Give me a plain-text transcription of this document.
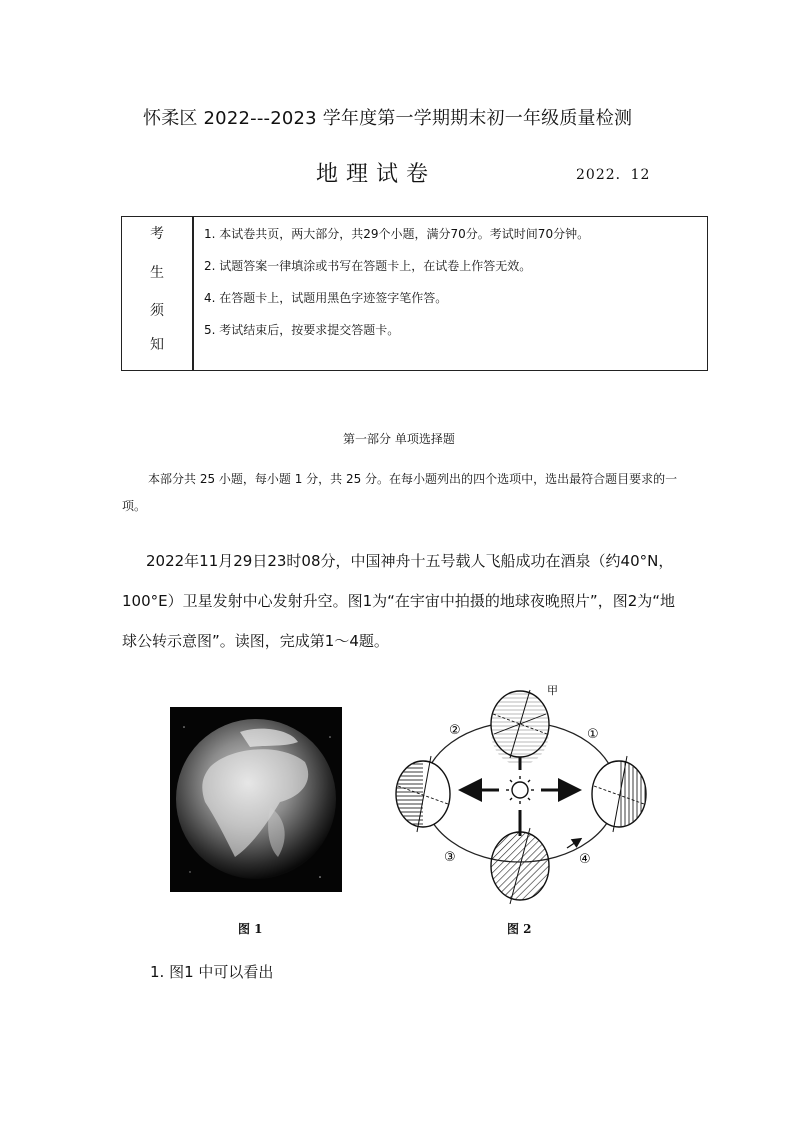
怀柔区 2022---2023 学年度第一学期期末初一年级质量检测
地理试卷	2022．12
考
生
须
知
1. 本试卷共页，两大部分，共29个小题，满分70分。考试时间70分钟。
2. 试题答案一律填涂或书写在答题卡上，在试卷上作答无效。
4. 在答题卡上，试题用黑色字迹签字笔作答。
5. 考试结束后，按要求提交答题卡。
第一部分 单项选择题
本部分共 25 小题，每小题 1 分，共 25 分。在每小题列出的四个选项中，选出最符合题目要求的一项。
2022年11月29日23时08分，中国神舟十五号载人飞船成功在酒泉（约40°N，100°E）卫星发射中心发射升空。图1为“在宇宙中拍摄的地球夜晚照片”，图2为“地球公转示意图”。读图，完成第1～4题。
甲
②	①
③	④
图 1	图 2
1. 图1 中可以看出
